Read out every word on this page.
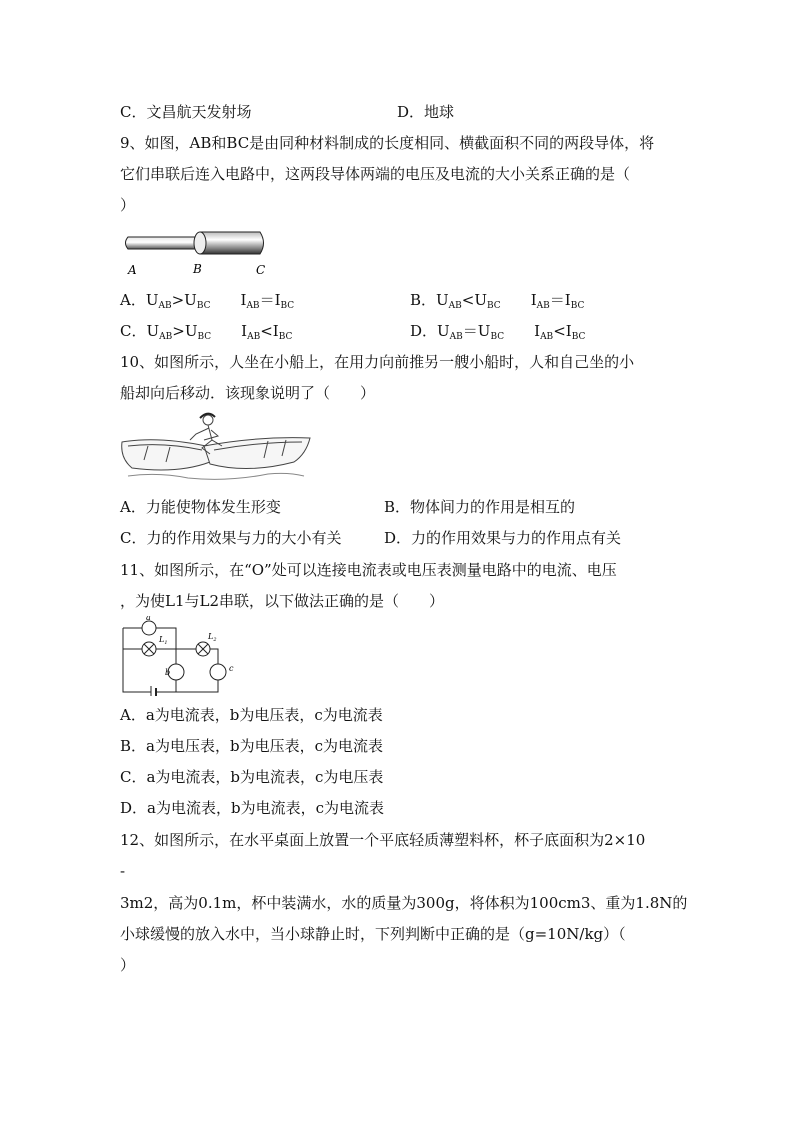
C．文昌航天发射场	D．地球
9、如图，AB和BC是由同种材料制成的长度相同、横截面积不同的两段导体，将
它们串联后连入电路中，这两段导体两端的电压及电流的大小关系正确的是（
）
A	B	C
A．$U_{AB}>U_{BC}$　　$I_{AB}=I_{BC}$	B．$U_{AB}<U_{BC}$　　$I_{AB}=I_{BC}$
C．$U_{AB}>U_{BC}$　　$I_{AB}<I_{BC}$	D．$U_{AB}=U_{BC}$　　$I_{AB}<I_{BC}$
10、如图所示，人坐在小船上，在用力向前推另一艘小船时，人和自己坐的小
船却向后移动．该现象说明了（　　）
A．力能使物体发生形变	B．物体间力的作用是相互的
C．力的作用效果与力的大小有关	D．力的作用效果与力的作用点有关
11、如图所示，在“O”处可以连接电流表或电压表测量电路中的电流、电压
，为使L1与L2串联，以下做法正确的是（　　）
a
b	c
$L_1$
$L_2$
A．a为电流表，b为电压表，c为电流表
B．a为电压表，b为电压表，c为电流表
C．a为电流表，b为电流表，c为电压表
D．a为电流表，b为电流表，c为电流表
12、如图所示，在水平桌面上放置一个平底轻质薄塑料杯，杯子底面积为2×10
-
3m2，高为0.1m，杯中装满水，水的质量为300g，将体积为100cm3、重为1.8N的
小球缓慢的放入水中，当小球静止时，下列判断中正确的是（g=10N/kg）（
）
